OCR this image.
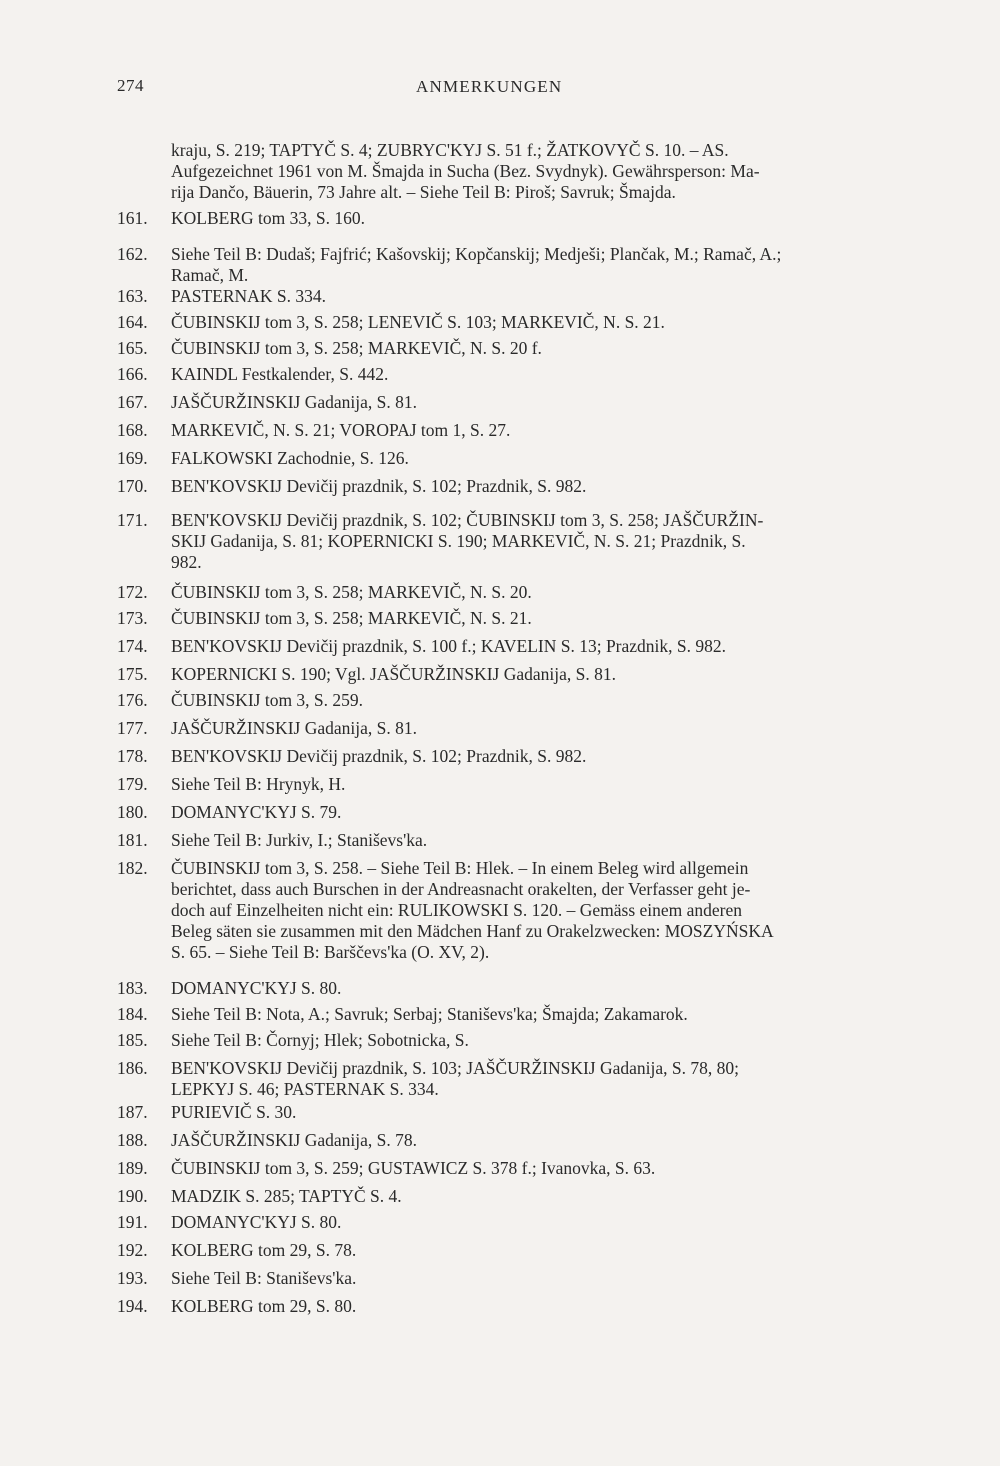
274	ANMERKUNGEN
kraju, S. 219; TAPTYČ S. 4; ZUBRYC'KYJ S. 51 f.; ŽATKOVYČ S. 10. – AS.
Aufgezeichnet 1961 von M. Šmajda in Sucha (Bez. Svydnyk). Gewährsperson: Ma-
rija Dančo, Bäuerin, 73 Jahre alt. – Siehe Teil B: Piroš; Savruk; Šmajda.
161.	KOLBERG tom 33, S. 160.
162.	Siehe Teil B: Dudaš; Fajfrić; Kašovskij; Kopčanskij; Medješi; Plančak, M.; Ramač, A.;
Ramač, M.
163.	PASTERNAK S. 334.
164.	ČUBINSKIJ tom 3, S. 258; LENEVIČ S. 103; MARKEVIČ, N. S. 21.
165.	ČUBINSKIJ tom 3, S. 258; MARKEVIČ, N. S. 20 f.
166.	KAINDL Festkalender, S. 442.
167.	JAŠČURŽINSKIJ Gadanija, S. 81.
168.	MARKEVIČ, N. S. 21; VOROPAJ tom 1, S. 27.
169.	FALKOWSKI Zachodnie, S. 126.
170.	BEN'KOVSKIJ Devičij prazdnik, S. 102; Prazdnik, S. 982.
171.	BEN'KOVSKIJ Devičij prazdnik, S. 102; ČUBINSKIJ tom 3, S. 258; JAŠČURŽIN-
SKIJ Gadanija, S. 81; KOPERNICKI S. 190; MARKEVIČ, N. S. 21; Prazdnik, S.
982.
172.	ČUBINSKIJ tom 3, S. 258; MARKEVIČ, N. S. 20.
173.	ČUBINSKIJ tom 3, S. 258; MARKEVIČ, N. S. 21.
174.	BEN'KOVSKIJ Devičij prazdnik, S. 100 f.; KAVELIN S. 13; Prazdnik, S. 982.
175.	KOPERNICKI S. 190; Vgl. JAŠČURŽINSKIJ Gadanija, S. 81.
176.	ČUBINSKIJ tom 3, S. 259.
177.	JAŠČURŽINSKIJ Gadanija, S. 81.
178.	BEN'KOVSKIJ Devičij prazdnik, S. 102; Prazdnik, S. 982.
179.	Siehe Teil B: Hrynyk, H.
180.	DOMANYC'KYJ S. 79.
181.	Siehe Teil B: Jurkiv, I.; Staniševs'ka.
182.	ČUBINSKIJ tom 3, S. 258. – Siehe Teil B: Hlek. – In einem Beleg wird allgemein
berichtet, dass auch Burschen in der Andreasnacht orakelten, der Verfasser geht je-
doch auf Einzelheiten nicht ein: RULIKOWSKI S. 120. – Gemäss einem anderen
Beleg säten sie zusammen mit den Mädchen Hanf zu Orakelzwecken: MOSZYŃSKA
S. 65. – Siehe Teil B: Barščevs'ka (O. XV, 2).
183.	DOMANYC'KYJ S. 80.
184.	Siehe Teil B: Nota, A.; Savruk; Serbaj; Staniševs'ka; Šmajda; Zakamarok.
185.	Siehe Teil B: Čornyj; Hlek; Sobotnicka, S.
186.	BEN'KOVSKIJ Devičij prazdnik, S. 103; JAŠČURŽINSKIJ Gadanija, S. 78, 80;
LEPKYJ S. 46; PASTERNAK S. 334.
187.	PURIEVIČ S. 30.
188.	JAŠČURŽINSKIJ Gadanija, S. 78.
189.	ČUBINSKIJ tom 3, S. 259; GUSTAWICZ S. 378 f.; Ivanovka, S. 63.
190.	MADZIK S. 285; TAPTYČ S. 4.
191.	DOMANYC'KYJ S. 80.
192.	KOLBERG tom 29, S. 78.
193.	Siehe Teil B: Staniševs'ka.
194.	KOLBERG tom 29, S. 80.
